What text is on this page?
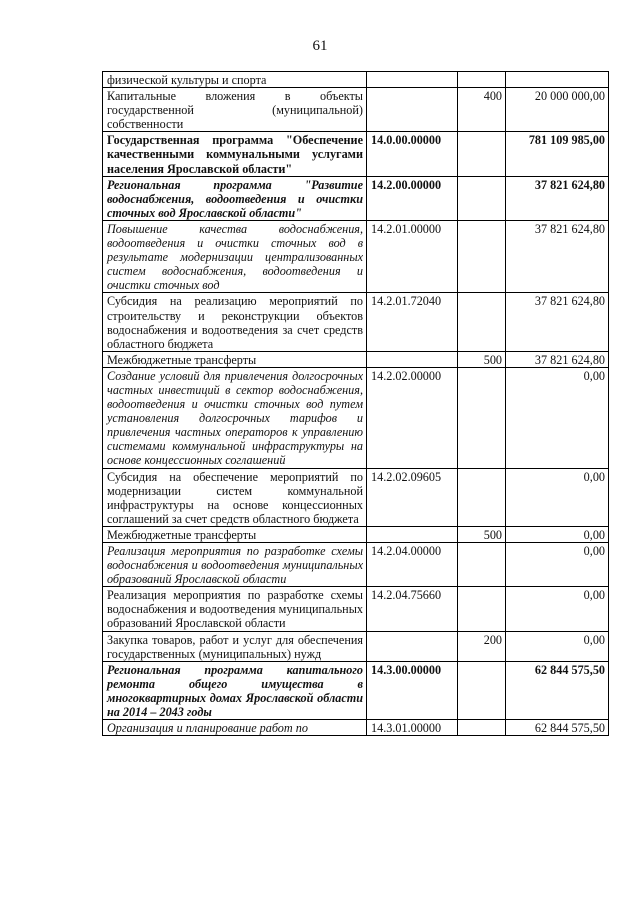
61
физической культуры и спорта			
Капитальные вложения в объекты государственной (муниципальной) собственности		400	20 000 000,00
Государственная программа "Обеспечение качественными коммунальными услугами населения Ярославской области"	14.0.00.00000		781 109 985,00
Региональная программа "Развитие водоснабжения, водоотведения и очистки сточных вод Ярославской области"	14.2.00.00000		37 821 624,80
Повышение качества водоснабжения, водоотведения и очистки сточных вод в результате модернизации централизованных систем водоснабжения, водоотведения и очистки сточных вод	14.2.01.00000		37 821 624,80
Субсидия на реализацию мероприятий по строительству и реконструкции объектов водоснабжения и водоотведения за счет средств областного бюджета	14.2.01.72040		37 821 624,80
Межбюджетные трансферты		500	37 821 624,80
Создание условий для привлечения долгосрочных частных инвестиций в сектор водоснабжения, водоотведения и очистки сточных вод путем установления долгосрочных тарифов и привлечения частных операторов к управлению системами коммунальной инфраструктуры на основе концессионных соглашений	14.2.02.00000		0,00
Субсидия на обеспечение мероприятий по модернизации систем коммунальной инфраструктуры на основе концессионных соглашений за счет средств областного бюджета	14.2.02.09605		0,00
Межбюджетные трансферты		500	0,00
Реализация мероприятия по разработке схемы водоснабжения и водоотведения муниципальных образований Ярославской области	14.2.04.00000		0,00
Реализация мероприятия по разработке схемы водоснабжения и водоотведения муниципальных образований Ярославской области	14.2.04.75660		0,00
Закупка товаров, работ и услуг для обеспечения государственных (муниципальных) нужд		200	0,00
Региональная программа капитального ремонта общего имущества в многоквартирных домах Ярославской области на 2014 – 2043 годы	14.3.00.00000		62 844 575,50
Организация и планирование работ по	14.3.01.00000		62 844 575,50
